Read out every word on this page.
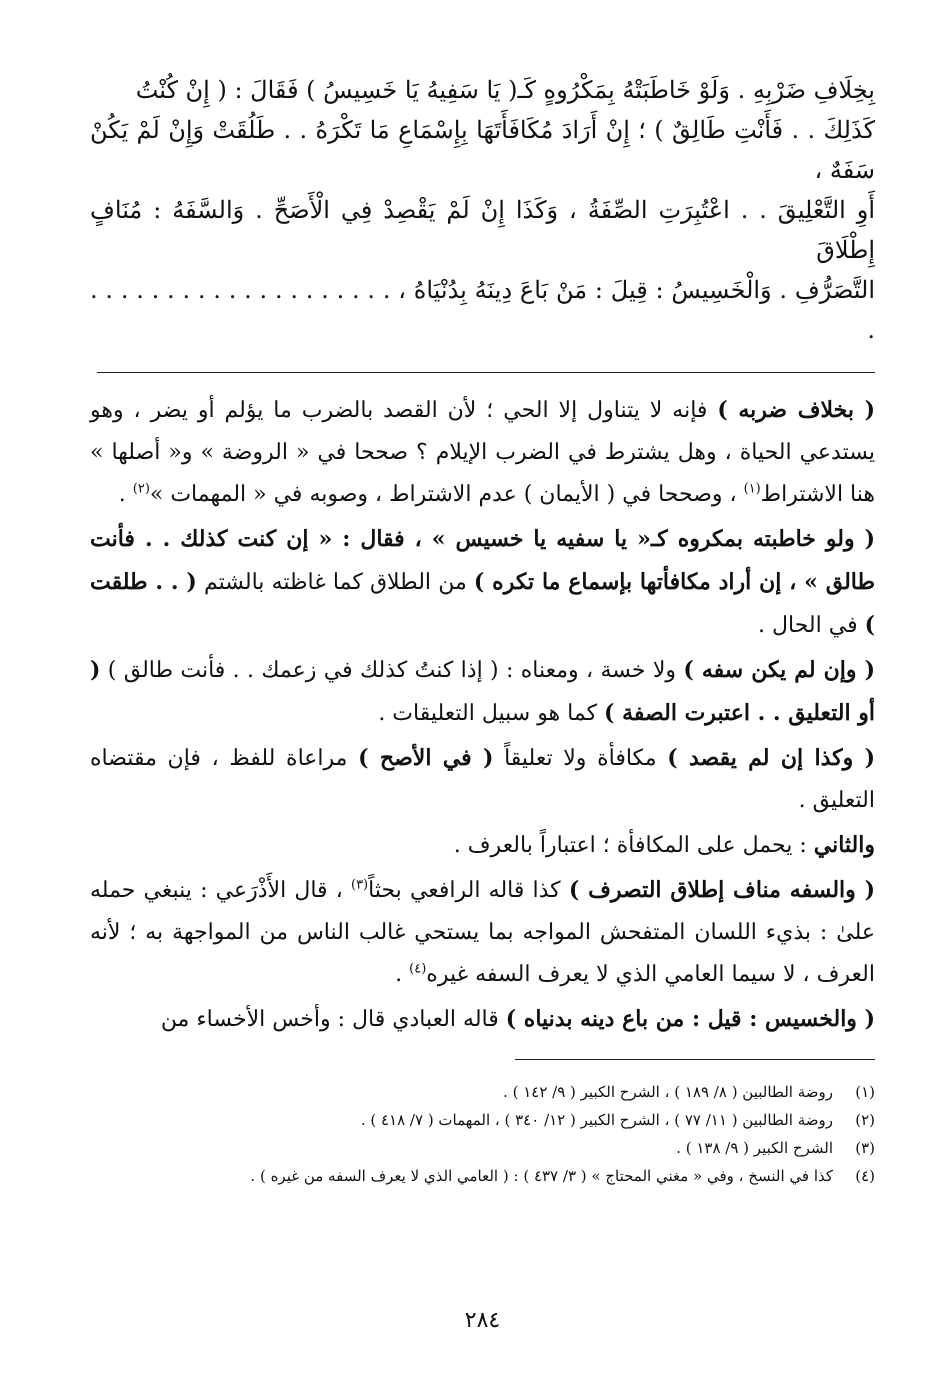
بِخِلَافِ ضَرْبِهِ . وَلَوْ خَاطَبَتْهُ بِمَكْرُوهٍ كَـ( يَا سَفِيهُ يَا خَسِيسُ ) فَقَالَ : ( إِنْ كُنْتُ

كَذَلِكَ . . فَأَنْتِ طَالِقٌ ) ؛ إِنْ أَرَادَ مُكَافَأَتَهَا بِإِسْمَاعِ مَا تَكْرَهُ . . طَلُقَتْ وَإِنْ لَمْ يَكُنْ سَفَهٌ ،

أَوِ التَّعْلِيقَ . . اعْتُبِرَتِ الصِّفَةُ ، وَكَذَا إِنْ لَمْ يَقْصِدْ فِي الْأَصَحِّ . وَالسَّفَهُ : مُنَافٍ إِطْلَاقَ

التَّصَرُّفِ . وَالْخَسِيسُ : قِيلَ : مَنْ بَاعَ دِينَهُ بِدُنْيَاهُ ، . . . . . . . . . . . . . . . . . . . . .

( بخلاف ضربه ) فإنه لا يتناول إلا الحي ؛ لأن القصد بالضرب ما يؤلم أو يضر ، وهو يستدعي الحياة ، وهل يشترط في الضرب الإيلام ؟ صححا في « الروضة » و« أصلها » هنا الاشتراط$^{(١)}$ ، وصححا في ( الأيمان ) عدم الاشتراط ، وصوبه في « المهمات »$^{(٢)}$ .

( ولو خاطبته بمكروه كـ« يا سفيه يا خسيس » ، فقال : « إن كنت كذلك . . فأنت طالق » ، إن أراد مكافأتها بإسماع ما تكره ) من الطلاق كما غاظته بالشتم ( . . طلقت ) في الحال .

( وإن لم يكن سفه ) ولا خسة ، ومعناه : ( إذا كنتُ كذلك في زعمك . . فأنت طالق ) ( أو التعليق . . اعتبرت الصفة ) كما هو سبيل التعليقات .

( وكذا إن لم يقصد ) مكافأة ولا تعليقاً ( في الأصح ) مراعاة للفظ ، فإن مقتضاه التعليق .

والثاني : يحمل على المكافأة ؛ اعتباراً بالعرف .

( والسفه مناف إطلاق التصرف ) كذا قاله الرافعي بحثاً$^{(٣)}$ ، قال الأَذْرَعي : ينبغي حمله علىٰ : بذيء اللسان المتفحش المواجه بما يستحي غالب الناس من المواجهة به ؛ لأنه العرف ، لا سيما العامي الذي لا يعرف السفه غيره$^{(٤)}$ .

( والخسيس : قيل : من باع دينه بدنياه ) قاله العبادي قال : وأخس الأخساء من

(١)
روضة الطالبين ( ٨/ ١٨٩ ) ، الشرح الكبير ( ٩/ ١٤٢ ) .
(٢)
روضة الطالبين ( ١١/ ٧٧ ) ، الشرح الكبير ( ١٢/ ٣٤٠ ) ، المهمات ( ٧/ ٤١٨ ) .
(٣)
الشرح الكبير ( ٩/ ١٣٨ ) .
(٤)
كذا في النسخ ، وفي « مغني المحتاج » ( ٣/ ٤٣٧ ) : ( العامي الذي لا يعرف السفه من غيره ) .
٢٨٤
